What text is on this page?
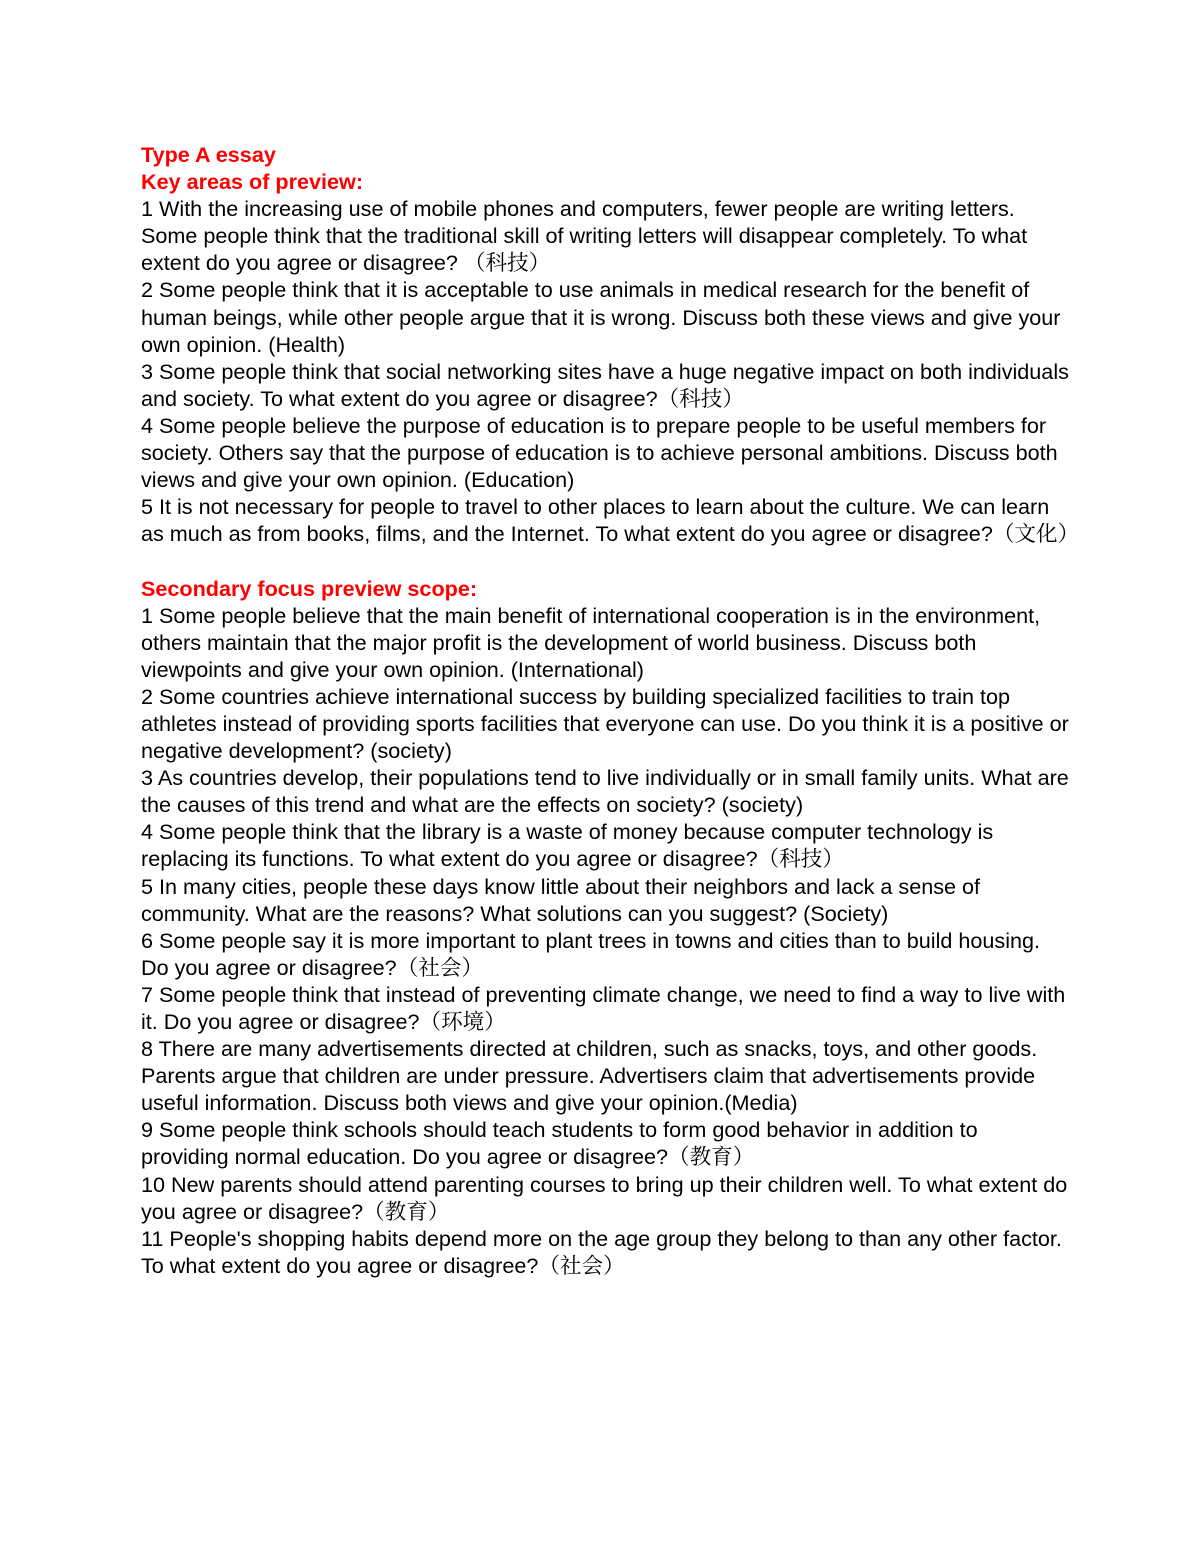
Type A essay

Key areas of preview:

1 With the increasing use of mobile phones and computers, fewer people are writing letters. Some people think that the traditional skill of writing letters will disappear completely. To what extent do you agree or disagree? （科技）

2 Some people think that it is acceptable to use animals in medical research for the benefit of human beings, while other people argue that it is wrong. Discuss both these views and give your own opinion. (Health)

3 Some people think that social networking sites have a huge negative impact on both individuals and society. To what extent do you agree or disagree?（科技）

4 Some people believe the purpose of education is to prepare people to be useful members for society. Others say that the purpose of education is to achieve personal ambitions. Discuss both views and give your own opinion. (Education)

5 It is not necessary for people to travel to other places to learn about the culture. We can learn as much as from books, films, and the Internet. To what extent do you agree or disagree?（文化）

Secondary focus preview scope:

1 Some people believe that the main benefit of international cooperation is in the environment, others maintain that the major profit is the development of world business. Discuss both viewpoints and give your own opinion. (International)

2 Some countries achieve international success by building specialized facilities to train top athletes instead of providing sports facilities that everyone can use. Do you think it is a positive or negative development? (society)

3 As countries develop, their populations tend to live individually or in small family units. What are the causes of this trend and what are the effects on society? (society)

4 Some people think that the library is a waste of money because computer technology is replacing its functions. To what extent do you agree or disagree?（科技）

5 In many cities, people these days know little about their neighbors and lack a sense of community. What are the reasons? What solutions can you suggest? (Society)

6 Some people say it is more important to plant trees in towns and cities than to build housing. Do you agree or disagree?（社会）

7 Some people think that instead of preventing climate change, we need to find a way to live with it. Do you agree or disagree?（环境）

8 There are many advertisements directed at children, such as snacks, toys, and other goods. Parents argue that children are under pressure. Advertisers claim that advertisements provide useful information. Discuss both views and give your opinion.(Media)

9 Some people think schools should teach students to form good behavior in addition to providing normal education. Do you agree or disagree?（教育）

10 New parents should attend parenting courses to bring up their children well. To what extent do you agree or disagree?（教育）

11 People's shopping habits depend more on the age group they belong to than any other factor. To what extent do you agree or disagree?（社会）
